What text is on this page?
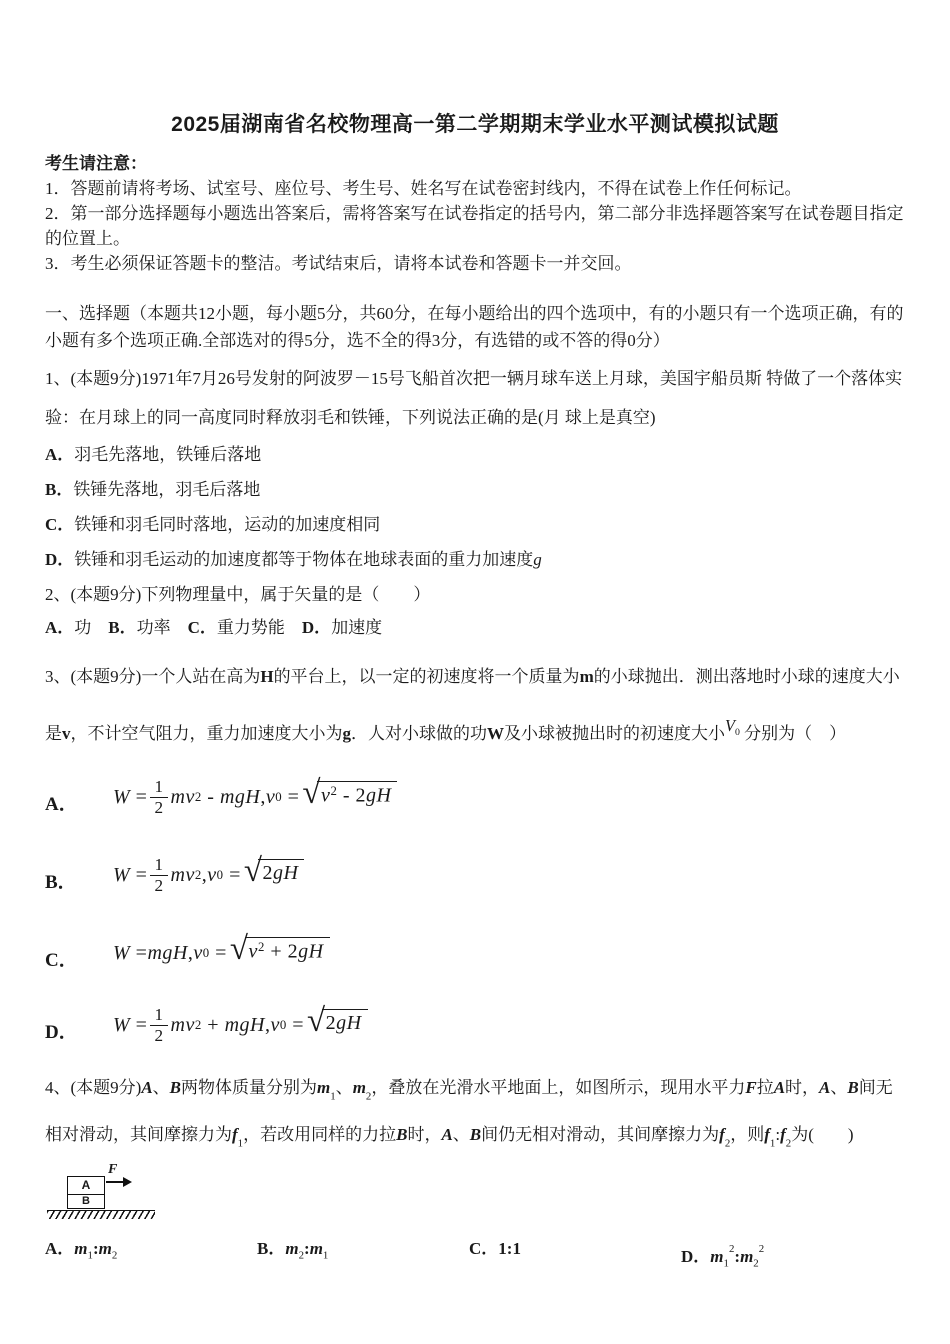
2025届湖南省名校物理高一第二学期期末学业水平测试模拟试题
考生请注意：
1．答题前请将考场、试室号、座位号、考生号、姓名写在试卷密封线内，不得在试卷上作任何标记。
2．第一部分选择题每小题选出答案后，需将答案写在试卷指定的括号内，第二部分非选择题答案写在试卷题目指定的位置上。
3．考生必须保证答题卡的整洁。考试结束后，请将本试卷和答题卡一并交回。
一、选择题（本题共12小题，每小题5分，共60分，在每小题给出的四个选项中，有的小题只有一个选项正确，有的小题有多个选项正确.全部选对的得5分，选不全的得3分，有选错的或不答的得0分）
1、(本题9分)1971年7月26号发射的阿波罗－15号飞船首次把一辆月球车送上月球，美国宇船员斯 特做了一个落体实验：在月球上的同一高度同时释放羽毛和铁锤，下列说法正确的是(月 球上是真空)
A．羽毛先落地，铁锤后落地
B．铁锤先落地，羽毛后落地
C．铁锤和羽毛同时落地，运动的加速度相同
D．铁锤和羽毛运动的加速度都等于物体在地球表面的重力加速度g
2、(本题9分)下列物理量中，属于矢量的是（　　）
A．功　B．功率　C．重力势能　D．加速度
3、(本题9分)一个人站在高为H的平台上，以一定的初速度将一个质量为m的小球抛出．测出落地时小球的速度大小是v，不计空气阻力，重力加速度大小为g．人对小球做的功W及小球被抛出时的初速度大小$V^0$ 分别为（　）
A．	$W = \frac{1}{2}$ mv 2 - mgH , v 0 = √ $v^2 - 2gH$
B．	$W = \frac{1}{2}$ mv 2 , v 0 = √ 2gH
C．	W = mgH , v 0 = √ $v^2 + 2gH$
D．	$W = \frac{1}{2}$ mv 2 + mgH , v 0 = √ 2gH
4、(本题9分)A、B两物体质量分别为$m_1$、$m_2$，叠放在光滑水平地面上，如图所示，现用水平力F拉A时，A、B间无相对滑动，其间摩擦力为$f_1$，若改用同样的力拉B时，A、B间仍无相对滑动，其间摩擦力为$f_2$，则$f_1:f_2$为(　　)
A
B
F
A．$m_1:m_2$	B．$m_2:m_1$	C．1:1	D．$m_1^2:m_2^2$
